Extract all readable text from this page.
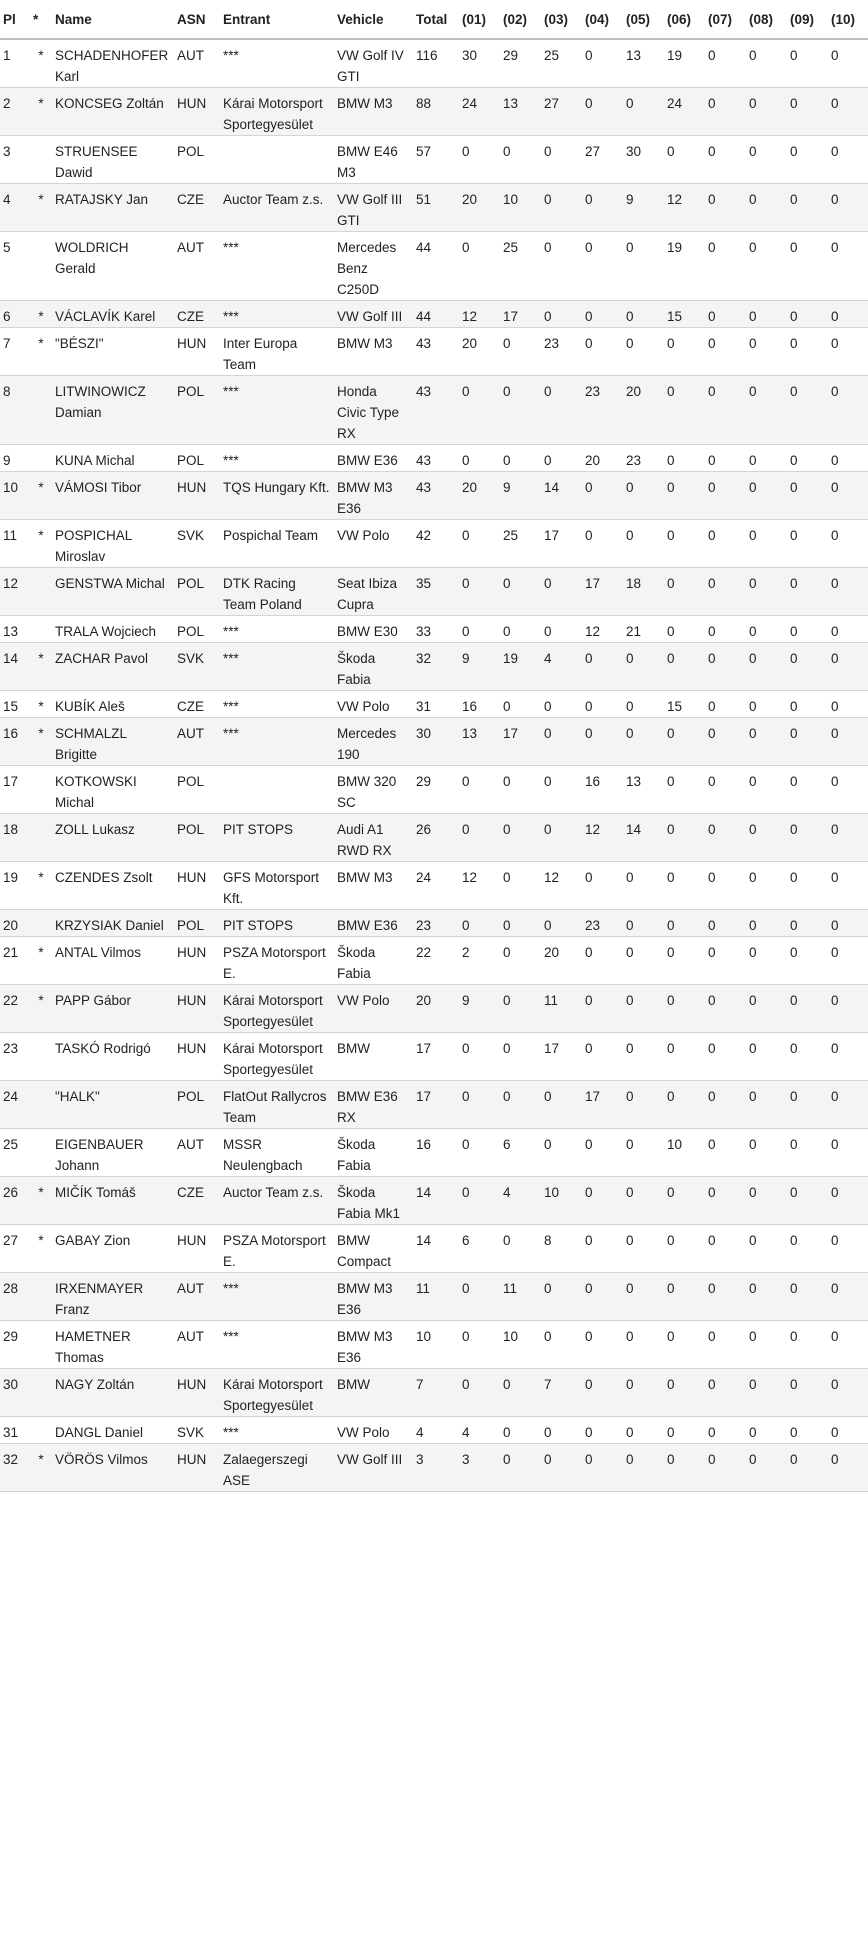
Pl	*	Name	ASN	Entrant	Vehicle	Total	(01)	(02)	(03)	(04)	(05)	(06)	(07)	(08)	(09)	(10)
1	*	SCHADENHOFER Karl	AUT	***	VW Golf IV GTI	116	30	29	25	0	13	19	0	0	0	0
2	*	KONCSEG Zoltán	HUN	Kárai Motorsport Sportegyesület	BMW M3	88	24	13	27	0	0	24	0	0	0	0
3		STRUENSEE Dawid	POL		BMW E46 M3	57	0	0	0	27	30	0	0	0	0	0
4	*	RATAJSKY Jan	CZE	Auctor Team z.s.	VW Golf III GTI	51	20	10	0	0	9	12	0	0	0	0
5		WOLDRICH Gerald	AUT	***	Mercedes Benz C250D	44	0	25	0	0	0	19	0	0	0	0
6	*	VÁCLAVÍK Karel	CZE	***	VW Golf III	44	12	17	0	0	0	15	0	0	0	0
7	*	"BÉSZI"	HUN	Inter Europa Team	BMW M3	43	20	0	23	0	0	0	0	0	0	0
8		LITWINOWICZ Damian	POL	***	Honda Civic Type RX	43	0	0	0	23	20	0	0	0	0	0
9		KUNA Michal	POL	***	BMW E36	43	0	0	0	20	23	0	0	0	0	0
10	*	VÁMOSI Tibor	HUN	TQS Hungary Kft.	BMW M3 E36	43	20	9	14	0	0	0	0	0	0	0
11	*	POSPICHAL Miroslav	SVK	Pospichal Team	VW Polo	42	0	25	17	0	0	0	0	0	0	0
12		GENSTWA Michal	POL	DTK Racing Team Poland	Seat Ibiza Cupra	35	0	0	0	17	18	0	0	0	0	0
13		TRALA Wojciech	POL	***	BMW E30	33	0	0	0	12	21	0	0	0	0	0
14	*	ZACHAR Pavol	SVK	***	Škoda Fabia	32	9	19	4	0	0	0	0	0	0	0
15	*	KUBÍK Aleš	CZE	***	VW Polo	31	16	0	0	0	0	15	0	0	0	0
16	*	SCHMALZL Brigitte	AUT	***	Mercedes 190	30	13	17	0	0	0	0	0	0	0	0
17		KOTKOWSKI Michal	POL		BMW 320 SC	29	0	0	0	16	13	0	0	0	0	0
18		ZOLL Lukasz	POL	PIT STOPS	Audi A1 RWD RX	26	0	0	0	12	14	0	0	0	0	0
19	*	CZENDES Zsolt	HUN	GFS Motorsport Kft.	BMW M3	24	12	0	12	0	0	0	0	0	0	0
20		KRZYSIAK Daniel	POL	PIT STOPS	BMW E36	23	0	0	0	23	0	0	0	0	0	0
21	*	ANTAL Vilmos	HUN	PSZA Motorsport E.	Škoda Fabia	22	2	0	20	0	0	0	0	0	0	0
22	*	PAPP Gábor	HUN	Kárai Motorsport Sportegyesület	VW Polo	20	9	0	11	0	0	0	0	0	0	0
23		TASKÓ Rodrigó	HUN	Kárai Motorsport Sportegyesület	BMW	17	0	0	17	0	0	0	0	0	0	0
24		"HALK"	POL	FlatOut Rallycros Team	BMW E36 RX	17	0	0	0	17	0	0	0	0	0	0
25		EIGENBAUER Johann	AUT	MSSR Neulengbach	Škoda Fabia	16	0	6	0	0	0	10	0	0	0	0
26	*	MIČÍK Tomáš	CZE	Auctor Team z.s.	Škoda Fabia Mk1	14	0	4	10	0	0	0	0	0	0	0
27	*	GABAY Zion	HUN	PSZA Motorsport E.	BMW Compact	14	6	0	8	0	0	0	0	0	0	0
28		IRXENMAYER Franz	AUT	***	BMW M3 E36	11	0	11	0	0	0	0	0	0	0	0
29		HAMETNER Thomas	AUT	***	BMW M3 E36	10	0	10	0	0	0	0	0	0	0	0
30		NAGY Zoltán	HUN	Kárai Motorsport Sportegyesület	BMW	7	0	0	7	0	0	0	0	0	0	0
31		DANGL Daniel	SVK	***	VW Polo	4	4	0	0	0	0	0	0	0	0	0
32	*	VÖRÖS Vilmos	HUN	Zalaegerszegi ASE	VW Golf III	3	3	0	0	0	0	0	0	0	0	0
